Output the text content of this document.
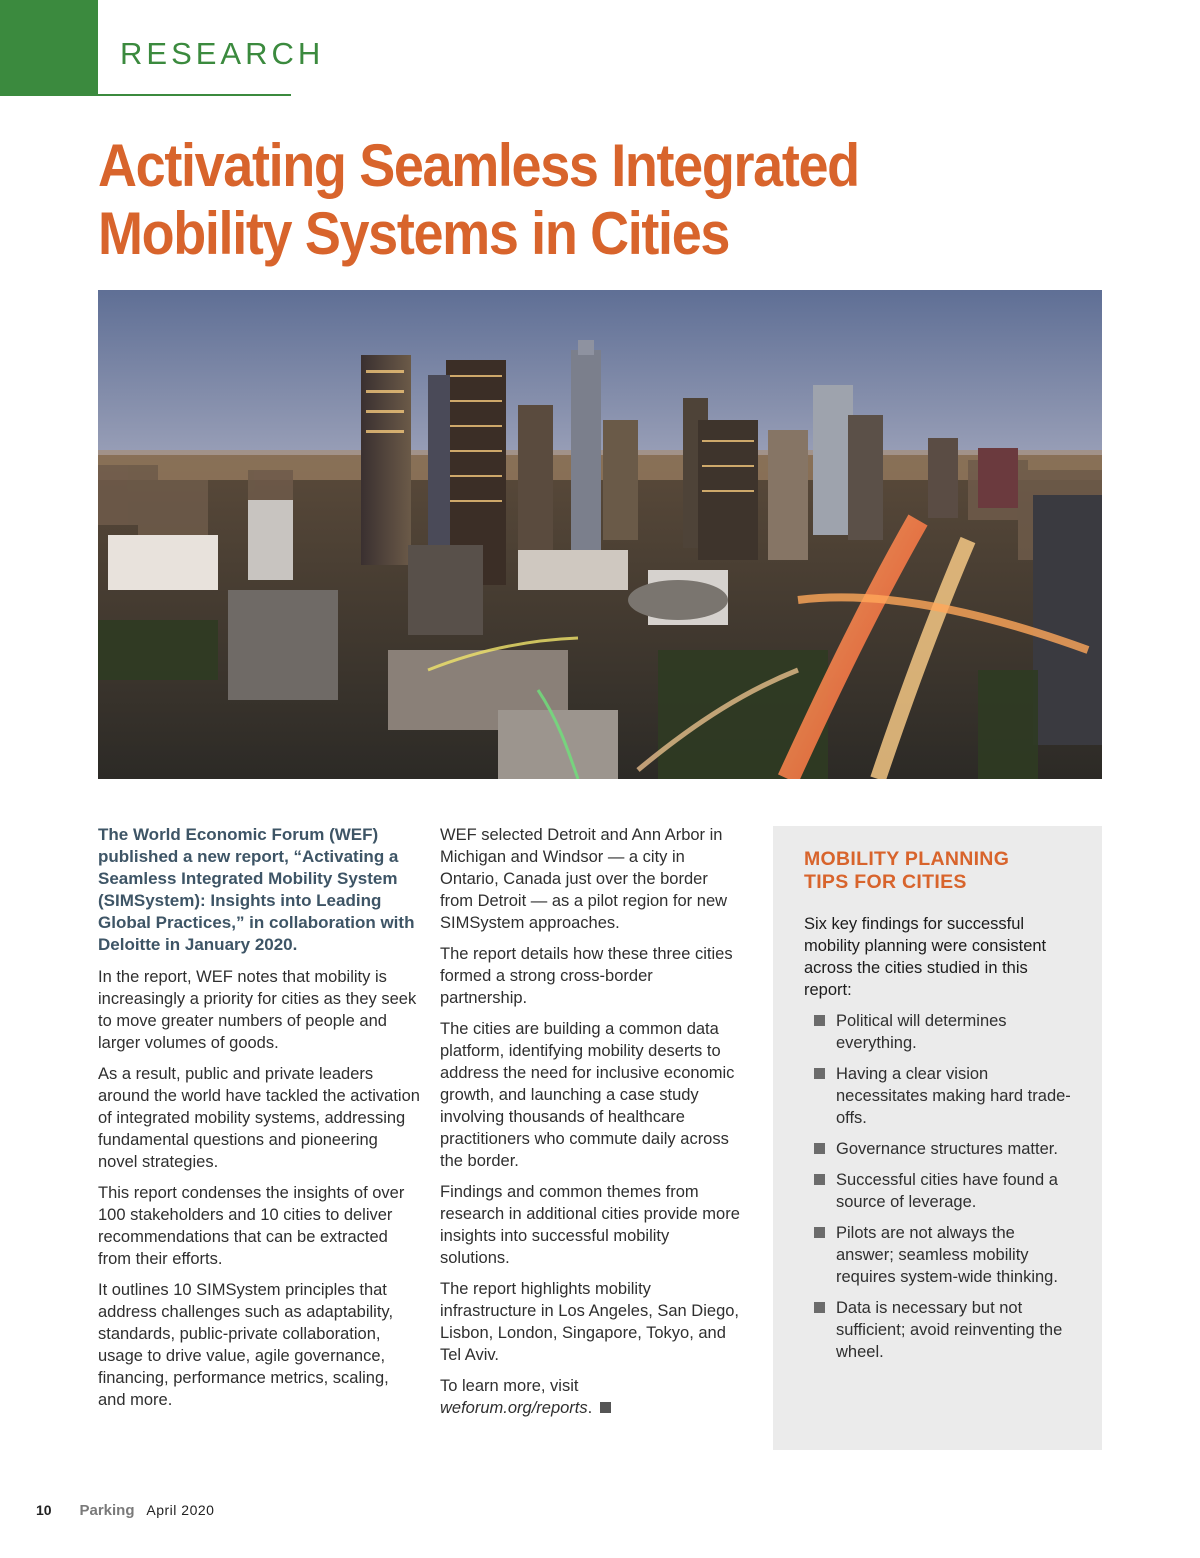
RESEARCH
Activating Seamless Integrated
Mobility Systems in Cities

The World Economic Forum (WEF) published a new report, “Activating a Seamless Integrated Mobility System (SIMSystem): Insights into Leading Global Practices,” in collaboration with Deloitte in January 2020.

In the report, WEF notes that mobility is increasingly a priority for cities as they seek to move greater numbers of people and larger volumes of goods.

As a result, public and private leaders around the world have tackled the activation of integrated mobility systems, addressing fundamental questions and pioneering novel strategies.

This report condenses the insights of over 100 stakeholders and 10 cities to deliver recommendations that can be extracted from their efforts.

It outlines 10 SIMSystem principles that address challenges such as adaptability, standards, public-private collaboration, usage to drive value, agile governance, financing, performance metrics, scaling, and more.

WEF selected Detroit and Ann Arbor in Michigan and Windsor — a city in Ontario, Canada just over the border from Detroit — as a pilot region for new SIMSystem approaches.

The report details how these three cities formed a strong cross-border partnership.

The cities are building a common data platform, identifying mobility deserts to address the need for inclusive economic growth, and launching a case study involving thousands of healthcare practitioners who commute daily across the border.

Findings and common themes from research in additional cities provide more insights into successful mobility solutions.

The report highlights mobility infrastructure in Los Angeles, San Diego, Lisbon, London, Singapore, Tokyo, and Tel Aviv.

To learn more, visit
weforum.org/reports.

MOBILITY PLANNING
TIPS FOR CITIES

Six key findings for successful mobility planning were consistent across the cities studied in this report:

Political will determines everything.
Having a clear vision necessitates making hard trade-offs.
Governance structures matter.
Successful cities have found a source of leverage.
Pilots are not always the answer; seamless mobility requires system-wide thinking.
Data is necessary but not sufficient; avoid reinventing the wheel.
10 Parking April 2020
